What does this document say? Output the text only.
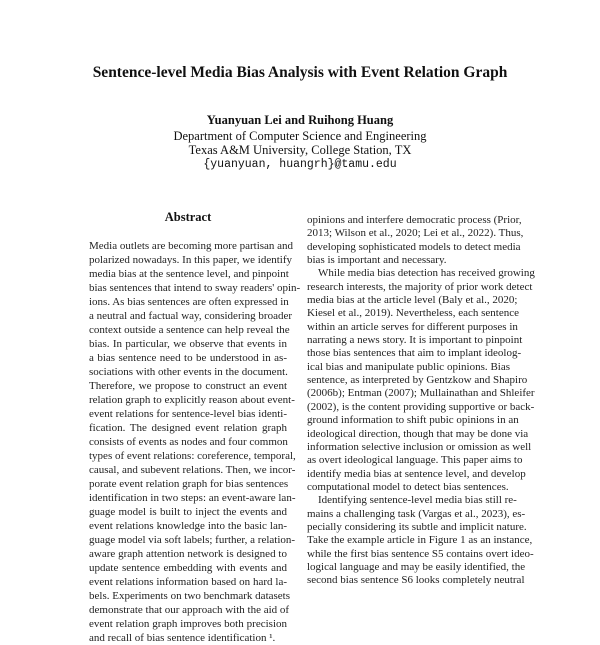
Sentence-level Media Bias Analysis with Event Relation Graph
Yuanyuan Lei and Ruihong Huang
Department of Computer Science and Engineering
Texas A&M University, College Station, TX
{yuanyuan, huangrh}@tamu.edu
Abstract
Media outlets are becoming more partisan and
polarized nowadays. In this paper, we identify
media bias at the sentence level, and pinpoint
bias sentences that intend to sway readers' opin-
ions. As bias sentences are often expressed in
a neutral and factual way, considering broader
context outside a sentence can help reveal the
bias. In particular, we observe that events in
a bias sentence need to be understood in as-
sociations with other events in the document.
Therefore, we propose to construct an event
relation graph to explicitly reason about event-
event relations for sentence-level bias identi-
fication. The designed event relation graph
consists of events as nodes and four common
types of event relations: coreference, temporal,
causal, and subevent relations. Then, we incor-
porate event relation graph for bias sentences
identification in two steps: an event-aware lan-
guage model is built to inject the events and
event relations knowledge into the basic lan-
guage model via soft labels; further, a relation-
aware graph attention network is designed to
update sentence embedding with events and
event relations information based on hard la-
bels. Experiments on two benchmark datasets
demonstrate that our approach with the aid of
event relation graph improves both precision
and recall of bias sentence identification ¹.
opinions and interfere democratic process (Prior,
2013; Wilson et al., 2020; Lei et al., 2022). Thus,
developing sophisticated models to detect media
bias is important and necessary.
While media bias detection has received growing
research interests, the majority of prior work detect
media bias at the article level (Baly et al., 2020;
Kiesel et al., 2019). Nevertheless, each sentence
within an article serves for different purposes in
narrating a news story. It is important to pinpoint
those bias sentences that aim to implant ideolog-
ical bias and manipulate public opinions. Bias
sentence, as interpreted by Gentzkow and Shapiro
(2006b); Entman (2007); Mullainathan and Shleifer
(2002), is the content providing supportive or back-
ground information to shift pubic opinions in an
ideological direction, though that may be done via
information selective inclusion or omission as well
as overt ideological language. This paper aims to
identify media bias at sentence level, and develop
computational model to detect bias sentences.
Identifying sentence-level media bias still re-
mains a challenging task (Vargas et al., 2023), es-
pecially considering its subtle and implicit nature.
Take the example article in Figure 1 as an instance,
while the first bias sentence S5 contains overt ideo-
logical language and may be easily identified, the
second bias sentence S6 looks completely neutral
